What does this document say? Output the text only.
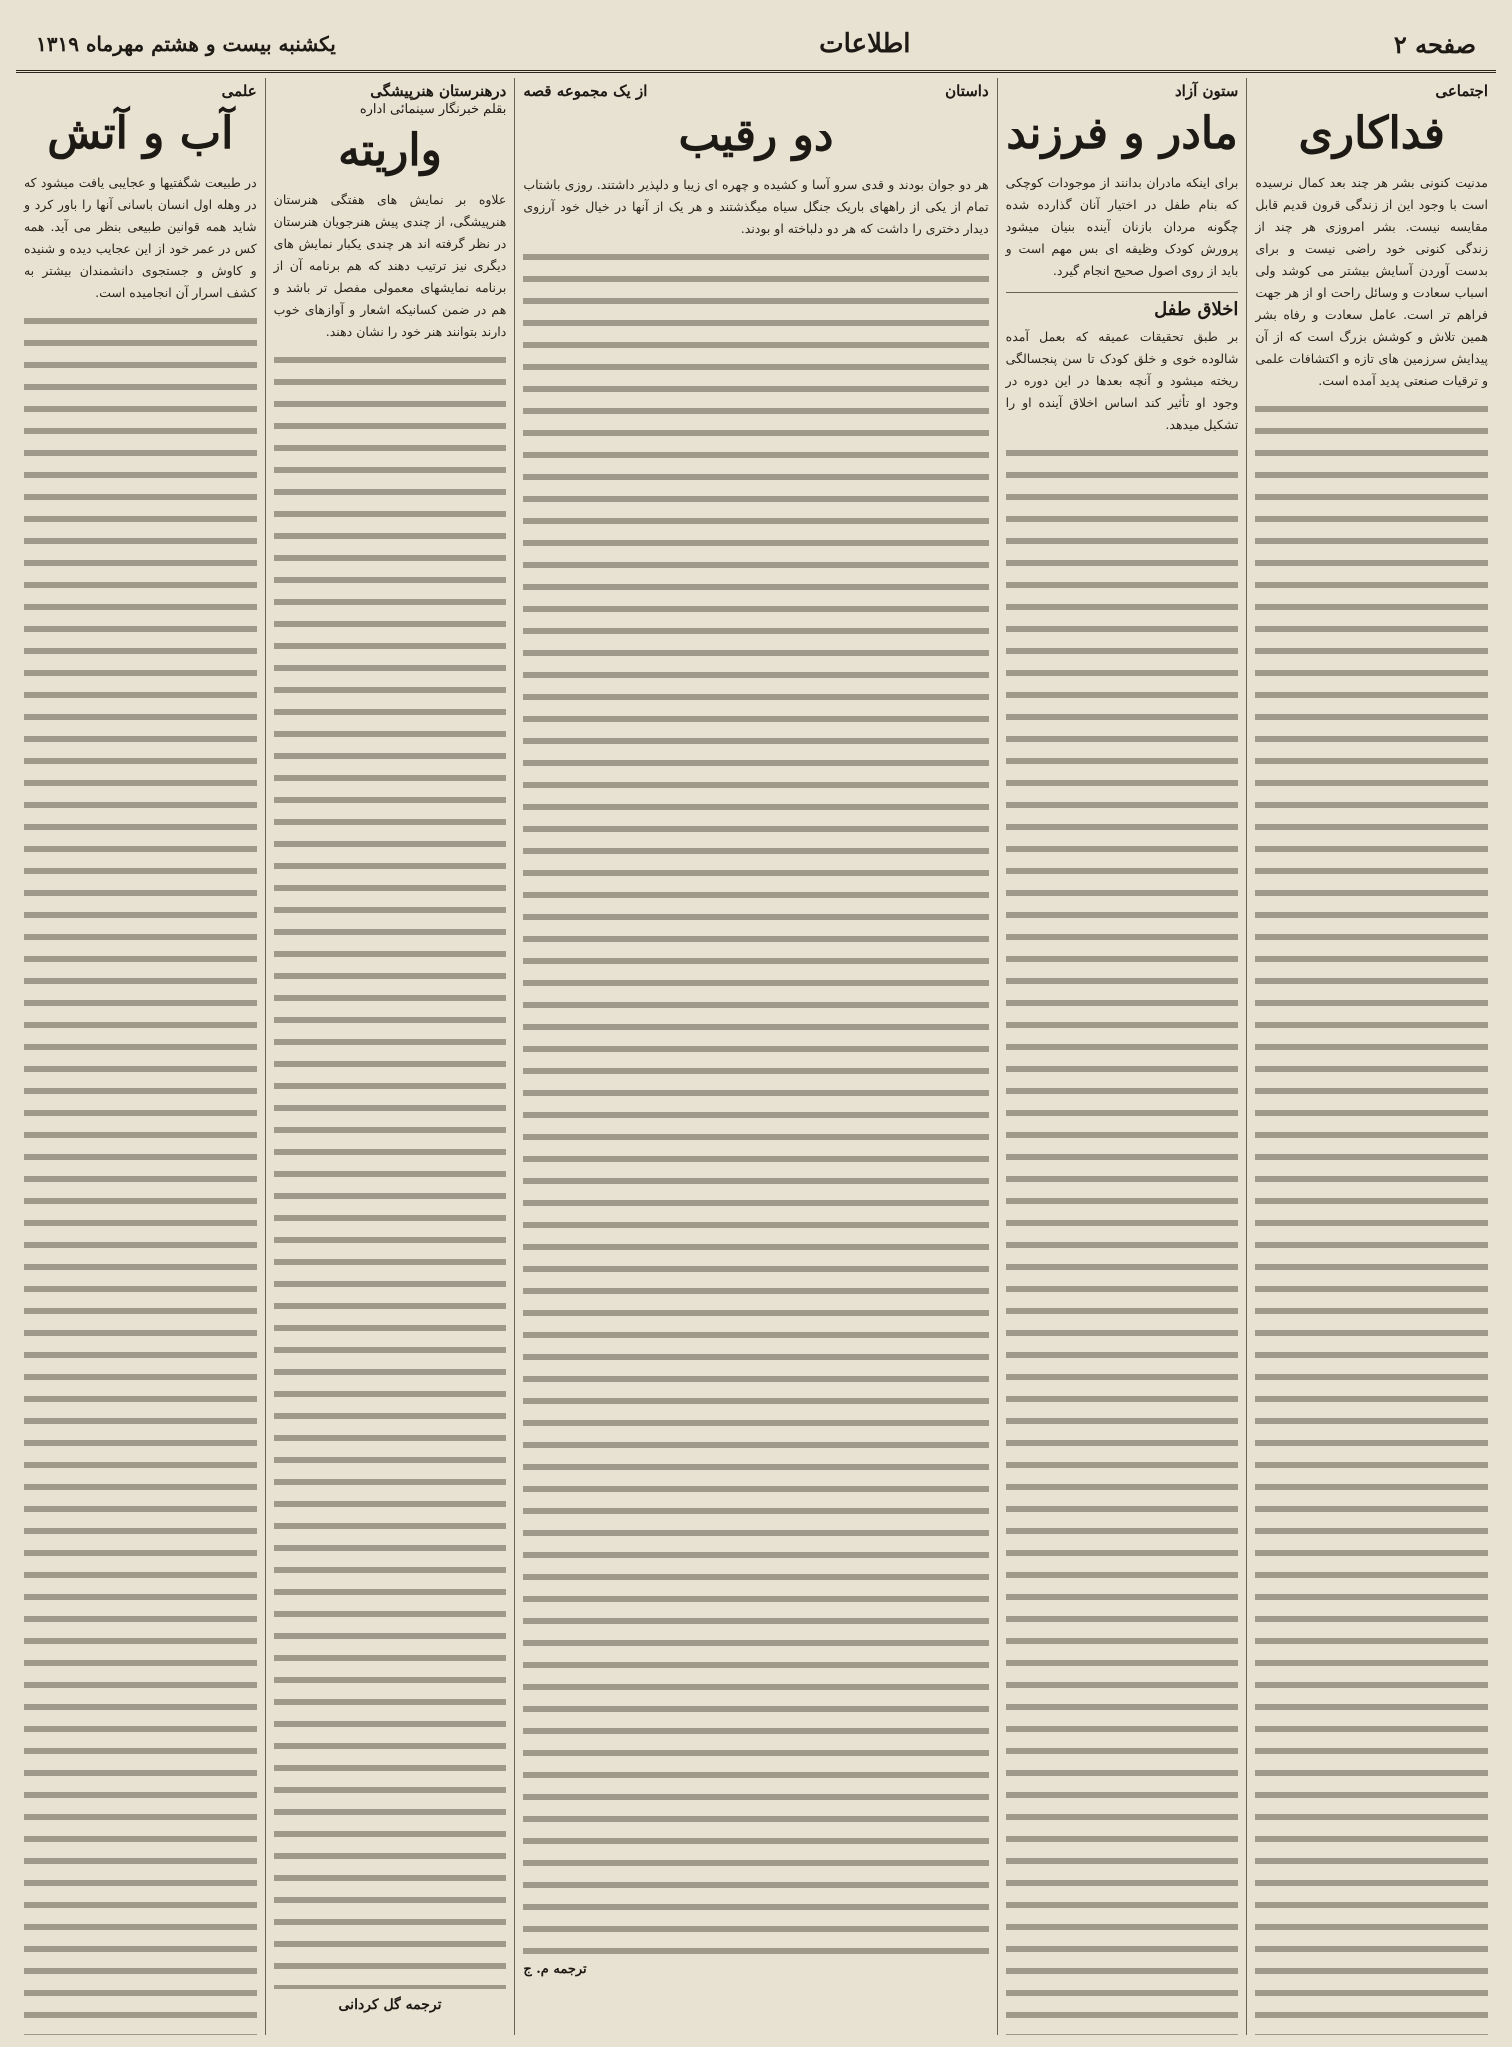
صفحه ۲
اطلاعات
یکشنبه بیست و هشتم مهرماه ۱۳۱۹
اجتماعی
فداکاری

مدنیت کنونی بشر هر چند بعد کمال نرسیده است با وجود این از زندگی قرون قدیم قابل مقایسه نیست. بشر امروزی هر چند از زندگی کنونی خود راضی نیست و برای بدست آوردن آسایش بیشتر می کوشد ولی اسباب سعادت و وسائل راحت او از هر جهت فراهم تر است. عامل سعادت و رفاه بشر همین تلاش و کوشش بزرگ است که از آن پیدایش سرزمین های تازه و اکتشافات علمی و ترقیات صنعتی پدید آمده است.

ستون آزاد
مادر و فرزند

برای اینکه مادران بدانند از موجودات کوچکی که بنام طفل در اختیار آنان گذارده شده چگونه مردان بازنان آینده بنیان میشود پرورش کودک وظیفه ای بس مهم است و باید از روی اصول صحیح انجام گیرد.

اخلاق طفل

بر طبق تحقیقات عمیقه که بعمل آمده شالوده خوی و خلق کودک تا سن پنجسالگی ریخته میشود و آنچه بعدها در این دوره در وجود او تأثیر کند اساس اخلاق آینده او را تشکیل میدهد.

داستان
از یک مجموعه قصه
دو رقیب

هر دو جوان بودند و قدی سرو آسا و کشیده و چهره ای زیبا و دلپذیر داشتند. روزی باشتاب تمام از یکی از راههای باریک جنگل سیاه میگذشتند و هر یک از آنها در خیال خود آرزوی دیدار دختری را داشت که هر دو دلباخته او بودند.

ترجمه م. ج
درهنرستان هنرپیشگی
بقلم خبرنگار سینمائی اداره
واریته

علاوه بر نمایش های هفتگی هنرستان هنرپیشگی، از چندی پیش هنرجویان هنرستان در نظر گرفته اند هر چندی یکبار نمایش های دیگری نیز ترتیب دهند که هم برنامه آن از برنامه نمایشهای معمولی مفصل تر باشد و هم در ضمن کسانیکه اشعار و آوازهای خوب دارند بتوانند هنر خود را نشان دهند.

ترجمه گل کردانی
علمی
آب و آتش

در طبیعت شگفتیها و عجایبی یافت میشود که در وهله اول انسان باسانی آنها را باور کرد و شاید همه قوانین طبیعی بنظر می آید. همه کس در عمر خود از این عجایب دیده و شنیده و کاوش و جستجوی دانشمندان بیشتر به کشف اسرار آن انجامیده است.
